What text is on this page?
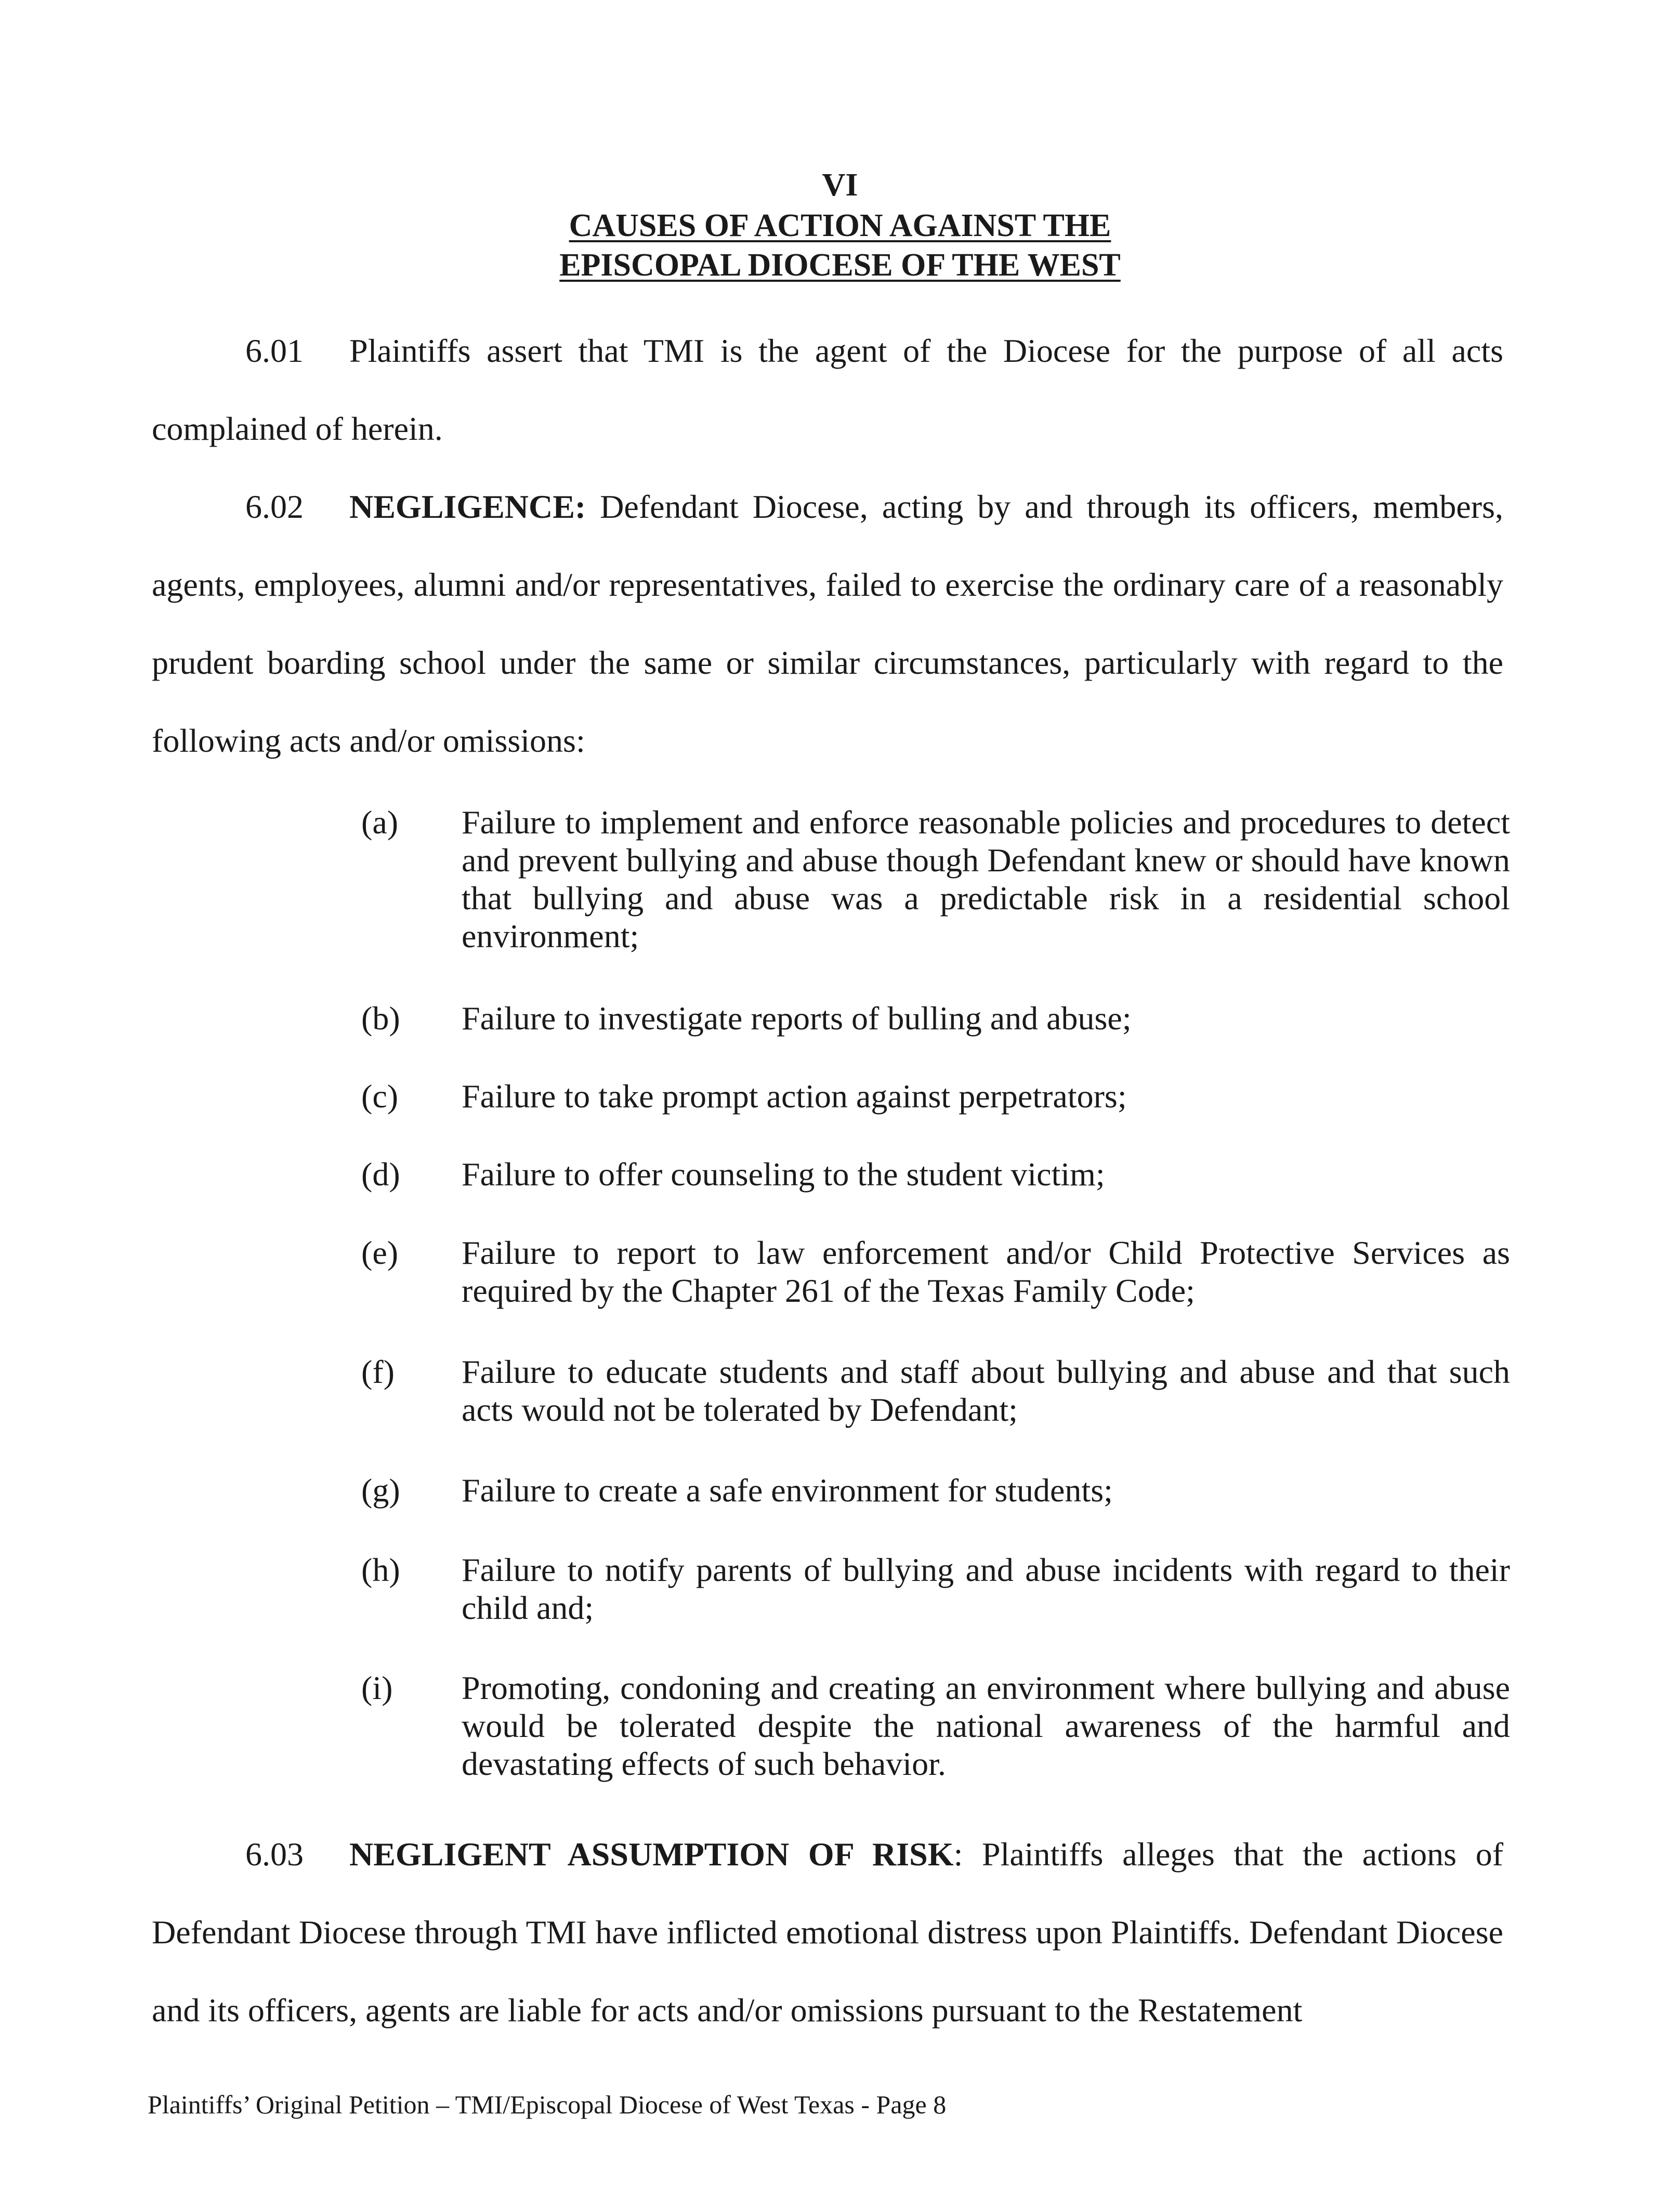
VI
CAUSES OF ACTION AGAINST THE
EPISCOPAL DIOCESE OF THE WEST
6.01 Plaintiffs assert that TMI is the agent of the Diocese for the purpose of all acts complained of herein.
6.02 NEGLIGENCE: Defendant Diocese, acting by and through its officers, members, agents, employees, alumni and/or representatives, failed to exercise the ordinary care of a reasonably prudent boarding school under the same or similar circumstances, particularly with regard to the following acts and/or omissions:
(a)	Failure to implement and enforce reasonable policies and procedures to detect and prevent bullying and abuse though Defendant knew or should have known that bullying and abuse was a predictable risk in a residential school environment;
(b)	Failure to investigate reports of bulling and abuse;
(c)	Failure to take prompt action against perpetrators;
(d)	Failure to offer counseling to the student victim;
(e)	Failure to report to law enforcement and/or Child Protective Services as required by the Chapter 261 of the Texas Family Code;
(f)	Failure to educate students and staff about bullying and abuse and that such acts would not be tolerated by Defendant;
(g)	Failure to create a safe environment for students;
(h)	Failure to notify parents of bullying and abuse incidents with regard to their child and;
(i)	Promoting, condoning and creating an environment where bullying and abuse would be tolerated despite the national awareness of the harmful and devastating effects of such behavior.
6.03 NEGLIGENT ASSUMPTION OF RISK: Plaintiffs alleges that the actions of Defendant Diocese through TMI have inflicted emotional distress upon Plaintiffs. Defendant Diocese and its officers, agents are liable for acts and/or omissions pursuant to the Restatement
Plaintiffs’ Original Petition – TMI/Episcopal Diocese of West Texas - Page 8
